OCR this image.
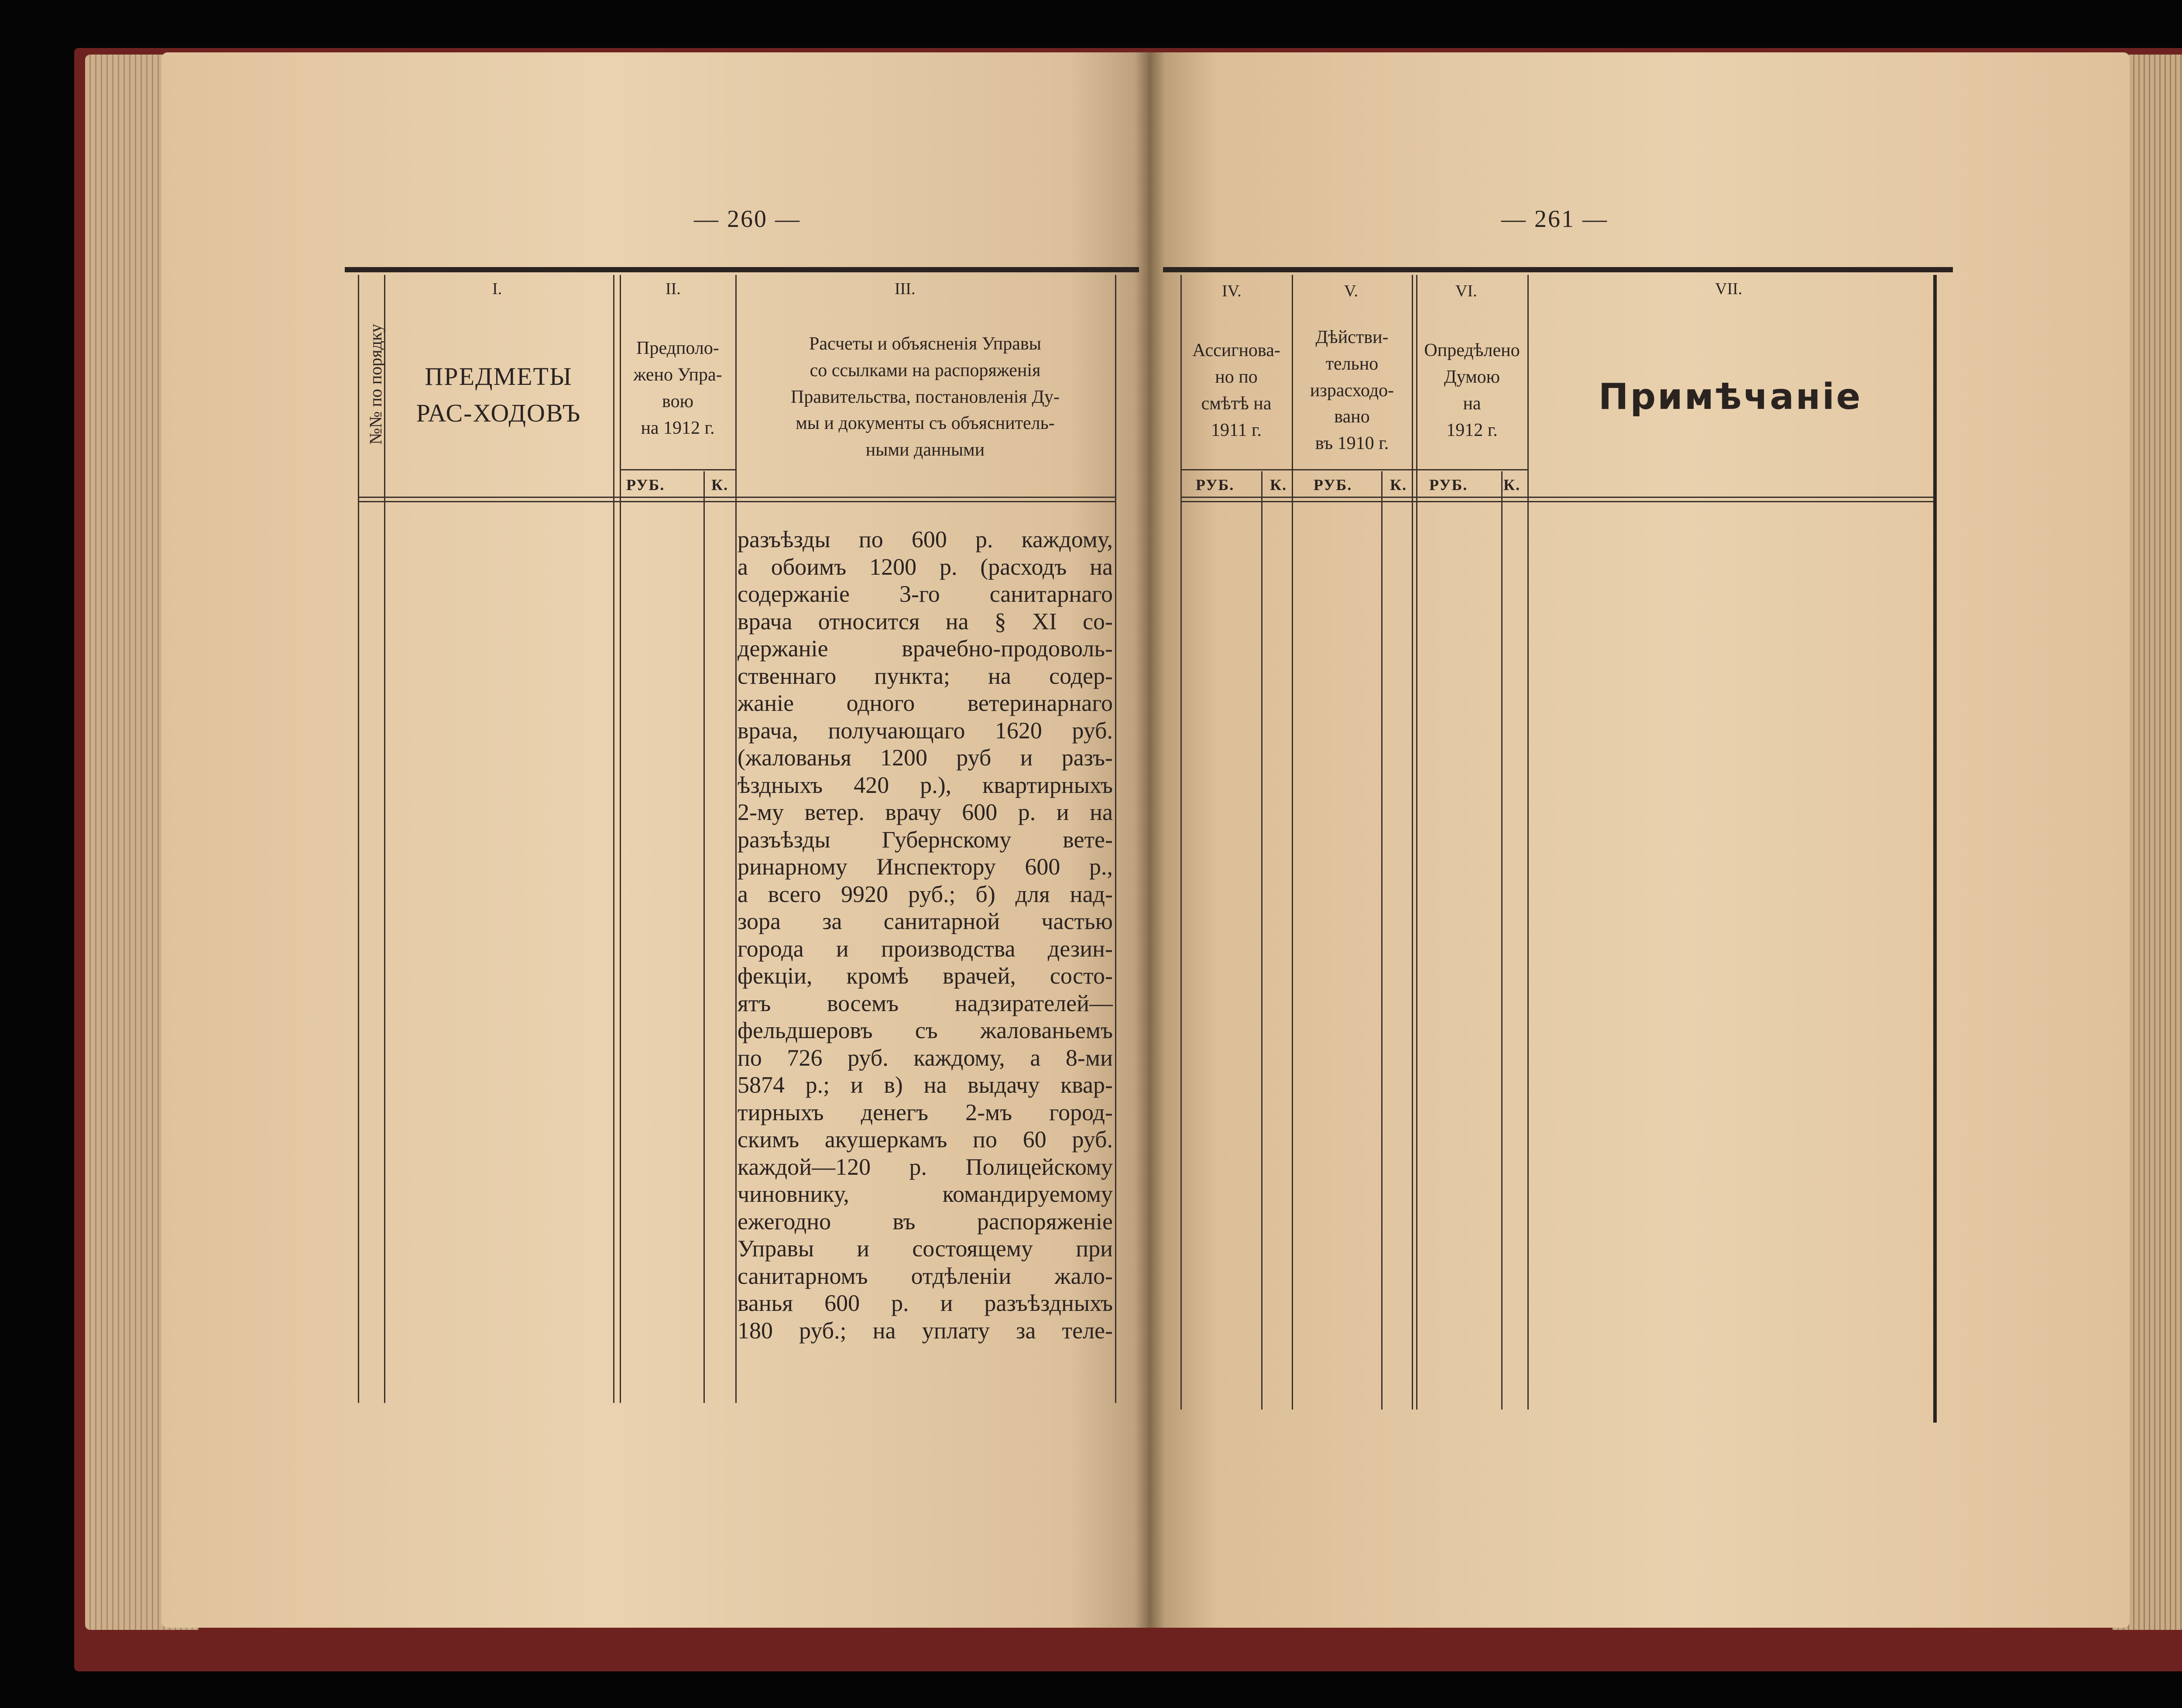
— 260 —
№№ по порядку
I.
ПРЕДМЕТЫ РАС-ХОДОВЪ
II.
Предполо-
жено Упра-
вою
на 1912 г.
РУБ.	К.
III.
Расчеты и объясненія Управы
со ссылками на распоряженія
Правительства, постановленія Ду-
мы и документы съ объяснитель-
ными данными
разъѣзды по 600 р. каждому,
а обоимъ 1200 р. (расходъ на
содержаніе 3-го санитарнаго
врача относится на § XI со-
держаніе врачебно-продоволь-
ственнаго пункта; на содер-
жаніе одного ветеринарнаго
врача, получающаго 1620 руб.
(жалованья 1200 руб и разъ-
ѣздныхъ 420 р.), квартирныхъ
2-му ветер. врачу 600 р. и на
разъѣзды Губернскому вете-
ринарному Инспектору 600 р.,
а всего 9920 руб.; б) для над-
зора за санитарной частью
города и производства дезин-
фекціи, кромѣ врачей, состо-
ятъ восемъ надзирателей—
фельдшеровъ съ жалованьемъ
по 726 руб. каждому, а 8-ми
5874 р.; и в) на выдачу квар-
тирныхъ денегъ 2-мъ город-
скимъ акушеркамъ по 60 руб.
каждой—120 р. Полицейскому
чиновнику, командируемому
ежегодно въ распоряженіе
Управы и состоящему при
санитарномъ отдѣленіи жало-
ванья 600 р. и разъѣздныхъ
180 руб.; на уплату за теле-
— 261 —
IV.
Ассигнова-
но по
смѣтѣ на
1911 г.
РУБ. К.
V.
Дѣйстви-
тельно
израсходо-
вано
въ 1910 г.
РУБ. К.
VI.
Опредѣлено
Думою
на
1912 г.
РУБ. К.
VII.
Примѣчаніе
